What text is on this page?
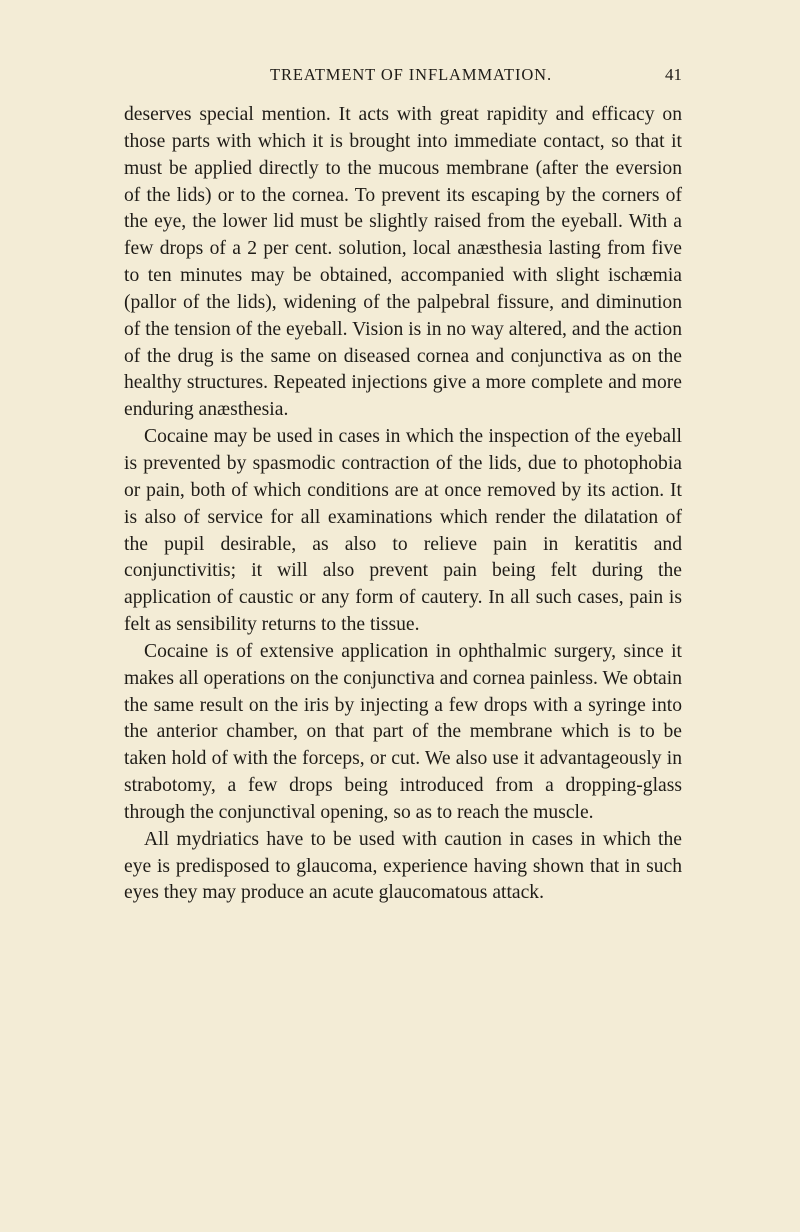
TREATMENT OF INFLAMMATION.	41

deserves special mention. It acts with great rapidity and efficacy on those parts with which it is brought into immediate contact, so that it must be applied directly to the mucous membrane (after the eversion of the lids) or to the cornea. To prevent its escaping by the corners of the eye, the lower lid must be slightly raised from the eyeball. With a few drops of a 2 per cent. solution, local anæsthesia lasting from five to ten minutes may be obtained, accompanied with slight ischæmia (pallor of the lids), widening of the palpebral fissure, and diminution of the tension of the eyeball. Vision is in no way altered, and the action of the drug is the same on diseased cornea and conjunctiva as on the healthy structures. Repeated injections give a more complete and more enduring anæsthesia.

Cocaine may be used in cases in which the inspection of the eyeball is prevented by spasmodic contraction of the lids, due to photophobia or pain, both of which conditions are at once removed by its action. It is also of service for all examinations which render the dilatation of the pupil desirable, as also to relieve pain in keratitis and conjunctivitis; it will also prevent pain being felt during the application of caustic or any form of cautery. In all such cases, pain is felt as sensibility returns to the tissue.

Cocaine is of extensive application in ophthalmic surgery, since it makes all operations on the conjunctiva and cornea painless. We obtain the same result on the iris by injecting a few drops with a syringe into the anterior chamber, on that part of the membrane which is to be taken hold of with the forceps, or cut. We also use it advantageously in strabotomy, a few drops being introduced from a dropping-glass through the conjunctival opening, so as to reach the muscle.

All mydriatics have to be used with caution in cases in which the eye is predisposed to glaucoma, experience having shown that in such eyes they may produce an acute glaucomatous attack.
